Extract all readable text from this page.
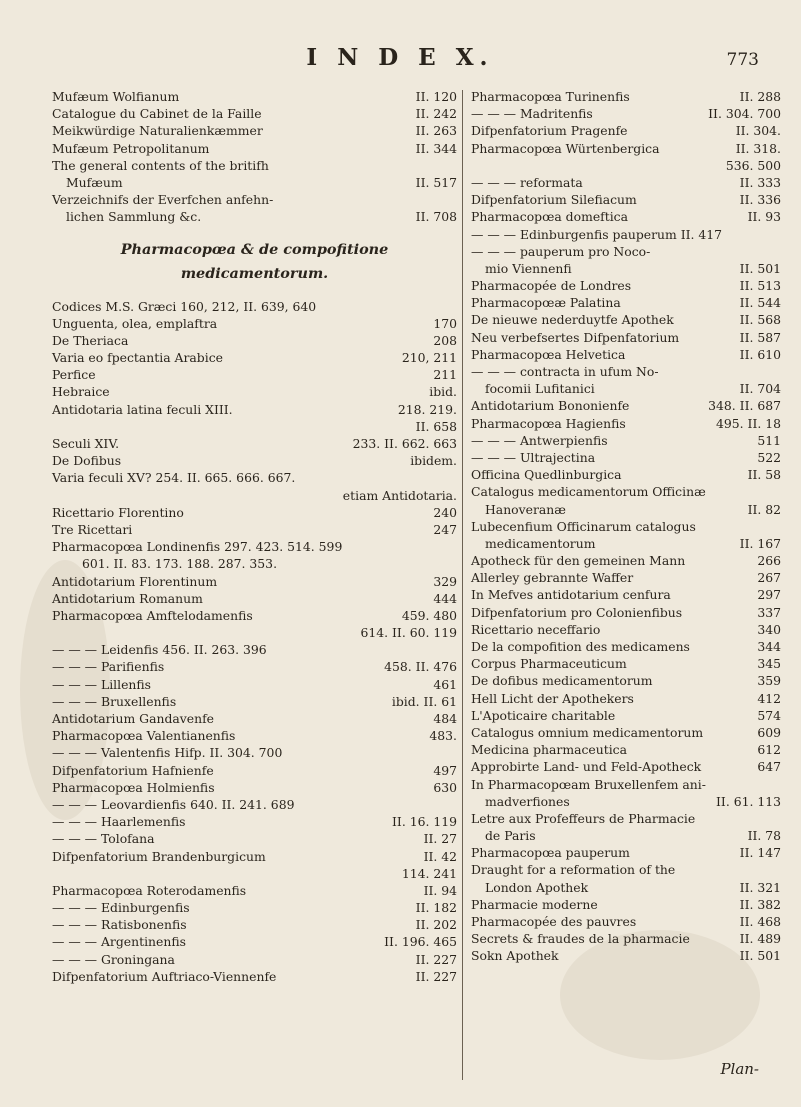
I N D E X.	773
Mufæum Wolfianum	II. 120
Catalogue du Cabinet de la Faille	II. 242
Meikwürdige Naturalienkæmmer	II. 263
Mufæum Petropolitanum	II. 344
The general contents of the britifh
Mufæum	II. 517
Verzeichnifs der Everfchen anfehn-
lichen Sammlung &c.	II. 708
Pharmacopœa & de compofitione
medicamentorum.
Codices M.S. Græci 160, 212, II. 639, 640
Unguenta, olea, emplaftra	170
De Theriaca	208
Varia eo fpectantia Arabice	210, 211
Perfice	211
Hebraice	ibid.
Antidotaria latina feculi XIII.	218. 219.
II. 658
Seculi XIV.	233. II. 662. 663
De Dofibus	ibidem.
Varia feculi XV? 254. II. 665. 666. 667.
etiam Antidotaria.
Ricettario Florentino	240
Tre Ricettari	247
Pharmacopœa Londinenfis 297. 423. 514. 599
601. II. 83. 173. 188. 287. 353.
Antidotarium Florentinum	329
Antidotarium Romanum	444
Pharmacopœa Amftelodamenfis	459. 480
614. II. 60. 119
— — — Leidenfis 456. II. 263. 396
— — — Parifienfis	458. II. 476
— — — Lillenfis	461
— — — Bruxellenfis	ibid. II. 61
Antidotarium Gandavenfe	484
Pharmacopœa Valentianenfis	483.
— — — Valentenfis Hifp. II. 304. 700
Difpenfatorium Hafnienfe	497
Pharmacopœa Holmienfis	630
— — — Leovardienfis 640. II. 241. 689
— — — Haarlemenfis	II. 16. 119
— — — Tolofana	II. 27
Difpenfatorium Brandenburgicum	II. 42
114. 241
Pharmacopœa Roterodamenfis	II. 94
— — — Edinburgenfis	II. 182
— — — Ratisbonenfis	II. 202
— — — Argentinenfis	II. 196. 465
— — — Groningana	II. 227
Difpenfatorium Auftriaco-Viennenfe	II. 227
Pharmacopœa Turinenfis	II. 288
— — — Madritenfis	II. 304. 700
Difpenfatorium Pragenfe	II. 304.
Pharmacopœa Würtenbergica	II. 318.
536. 500
— — — reformata	II. 333
Difpenfatorium Silefiacum	II. 336
Pharmacopœa domeftica	II. 93
— — — Edinburgenfis pauperum II. 417
— — — pauperum pro Noco-
mio Viennenfi	II. 501
Pharmacopée de Londres	II. 513
Pharmacopœæ Palatina	II. 544
De nieuwe nederduytfe Apothek	II. 568
Neu verbefsertes Difpenfatorium	II. 587
Pharmacopœa Helvetica	II. 610
— — — contracta in ufum No-
focomii Lufitanici	II. 704
Antidotarium Bononienfe	348. II. 687
Pharmacopœa Hagienfis	495. II. 18
— — — Antwerpienfis	511
— — — Ultrajectina	522
Officina Quedlinburgica	II. 58
Catalogus medicamentorum Officinæ
Hanoveranæ	II. 82
Lubecenfium Officinarum catalogus
medicamentorum	II. 167
Apotheck für den gemeinen Mann	266
Allerley gebrannte Waffer	267
In Mefves antidotarium cenfura	297
Difpenfatorium pro Colonienfibus	337
Ricettario neceffario	340
De la compofition des medicamens	344
Corpus Pharmaceuticum	345
De dofibus medicamentorum	359
Hell Licht der Apothekers	412
L'Apoticaire charitable	574
Catalogus omnium medicamentorum	609
Medicina pharmaceutica	612
Approbirte Land- und Feld-Apotheck	647
In Pharmacopœam Bruxellenfem ani-
madverfiones	II. 61. 113
Letre aux Profeffeurs de Pharmacie
de Paris	II. 78
Pharmacopœa pauperum	II. 147
Draught for a reformation of the
London Apothek	II. 321
Pharmacie moderne	II. 382
Pharmacopée des pauvres	II. 468
Secrets & fraudes de la pharmacie	II. 489
Sokn Apothek	II. 501
Plan-
